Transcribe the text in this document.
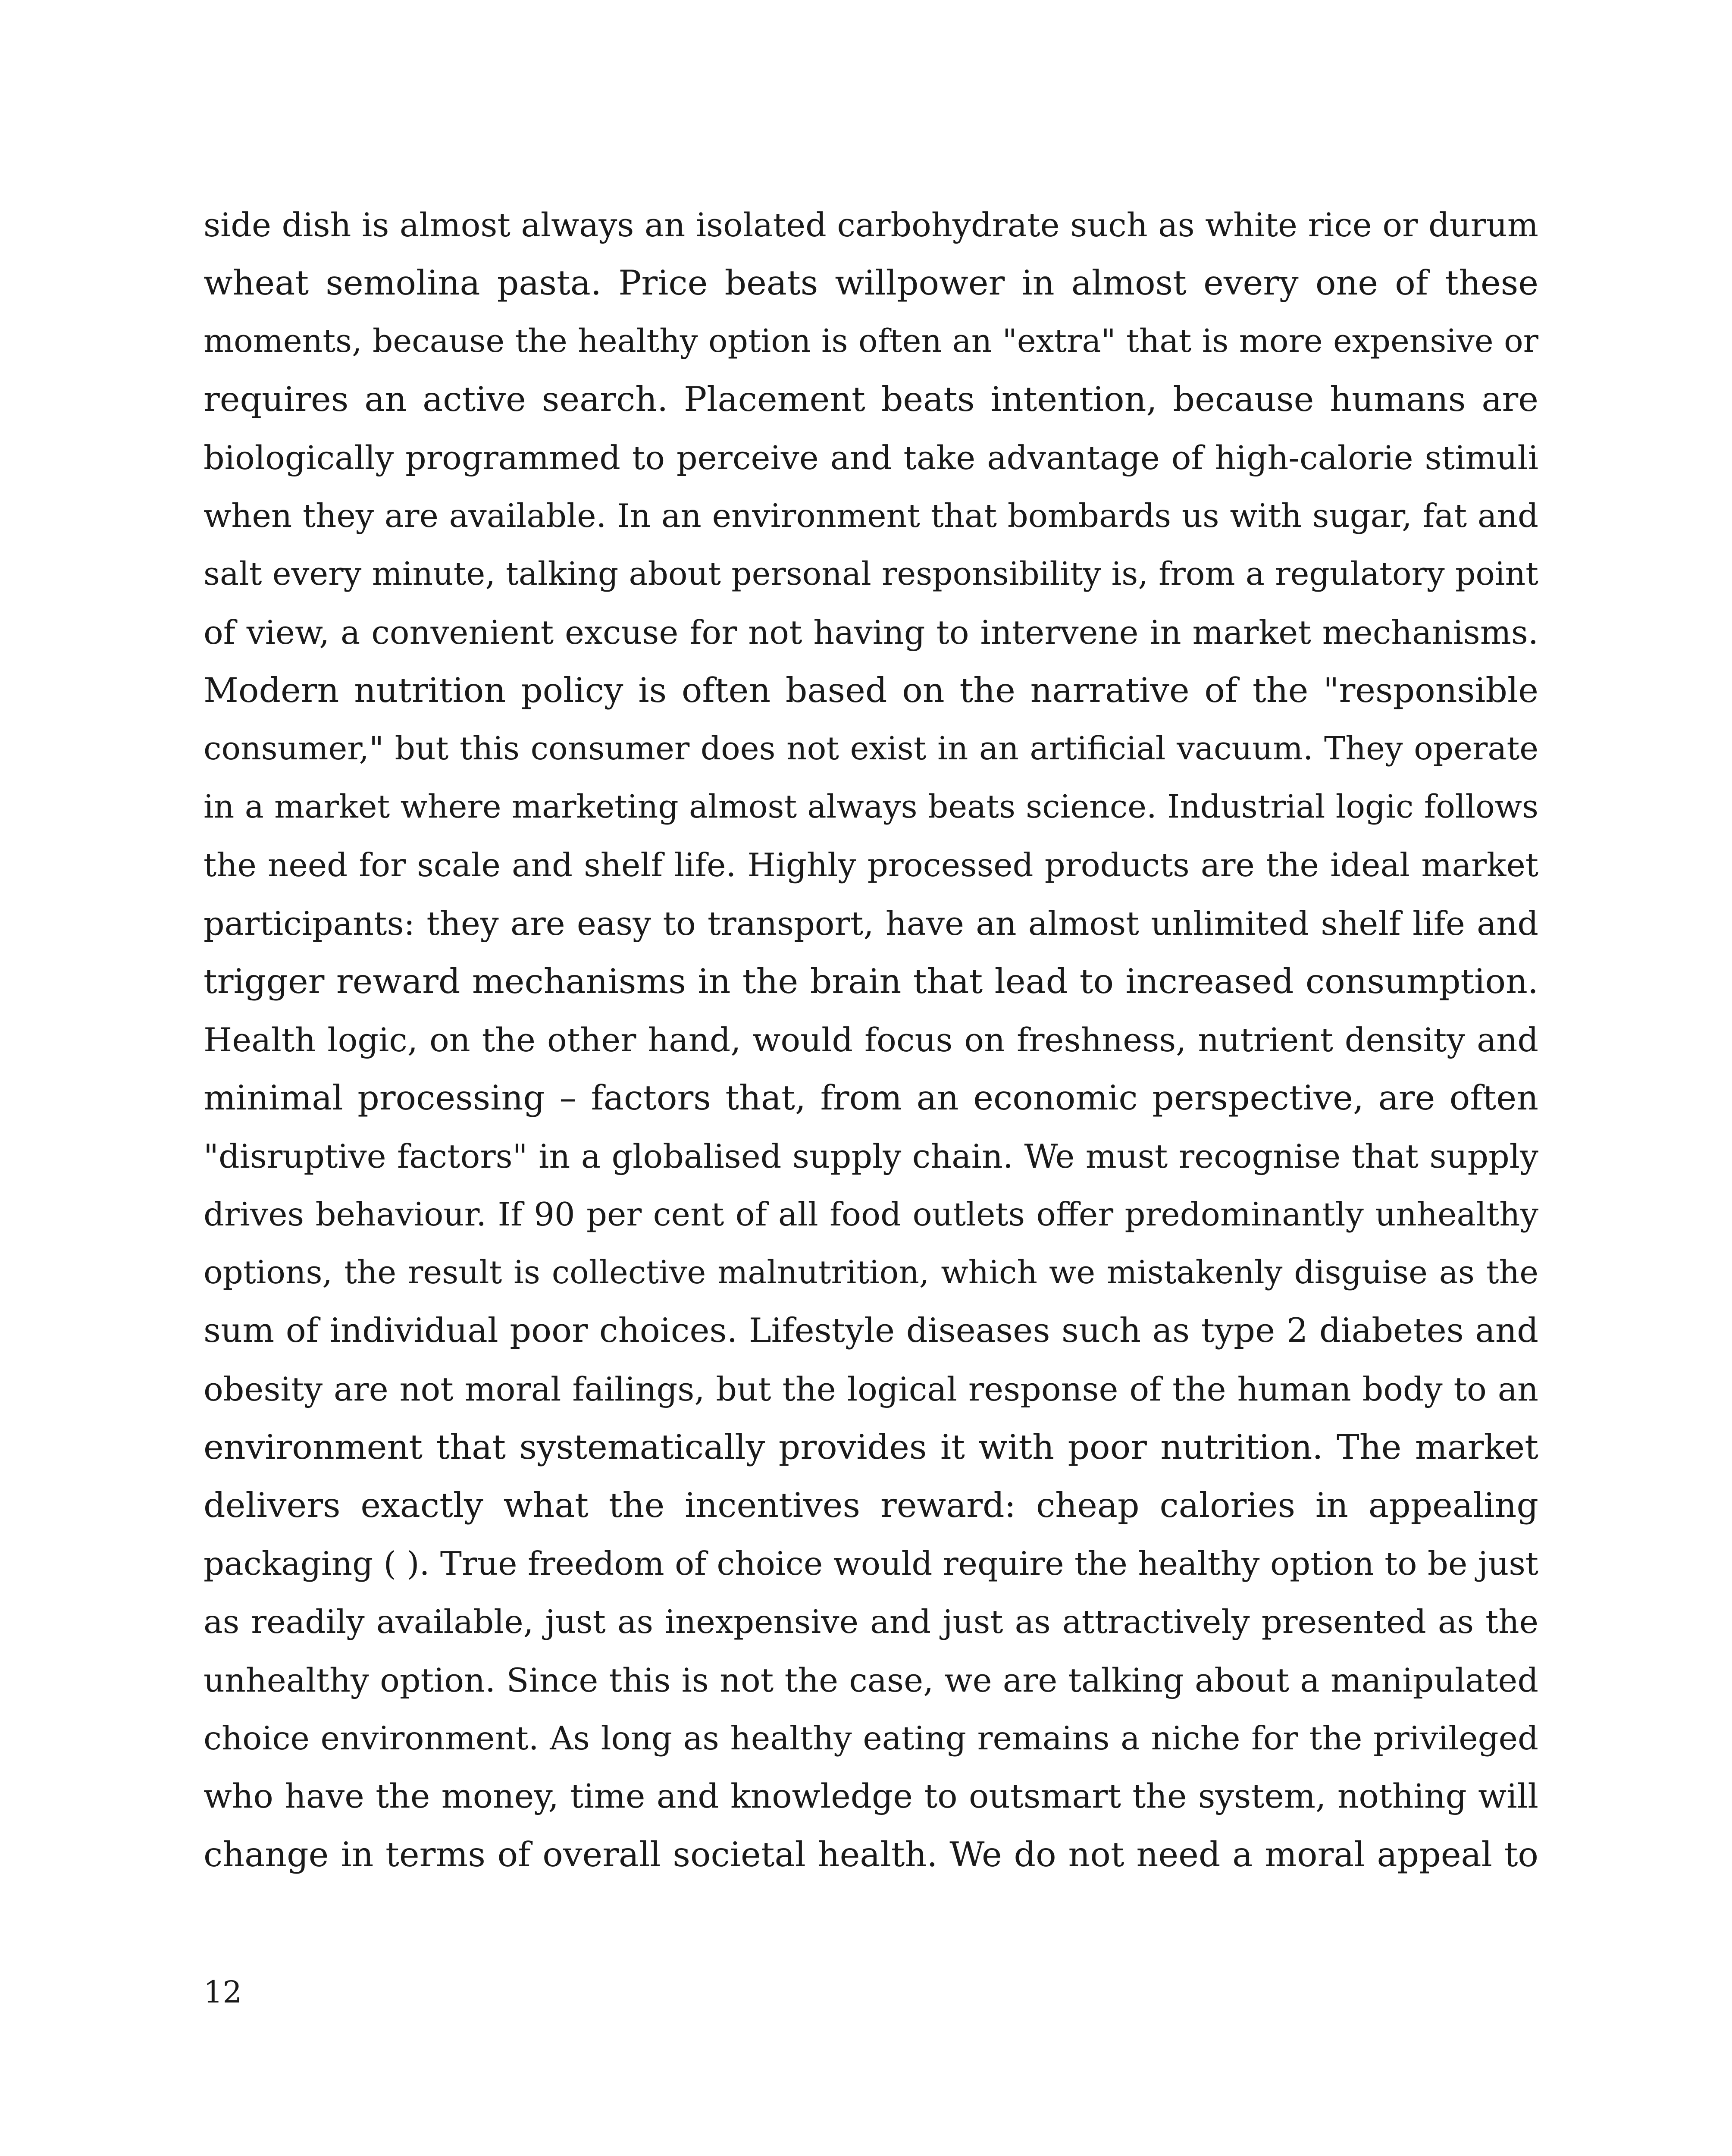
side dish is almost always an isolated carbohydrate such as white rice or durum
wheat semolina pasta. Price beats willpower in almost every one of these
moments, because the healthy option is often an "extra" that is more expensive or
requires an active search. Placement beats intention, because humans are
biologically programmed to perceive and take advantage of high-calorie stimuli
when they are available. In an environment that bombards us with sugar, fat and
salt every minute, talking about personal responsibility is, from a regulatory point
of view, a convenient excuse for not having to intervene in market mechanisms.
Modern nutrition policy is often based on the narrative of the "responsible
consumer," but this consumer does not exist in an artificial vacuum. They operate
in a market where marketing almost always beats science. Industrial logic follows
the need for scale and shelf life. Highly processed products are the ideal market
participants: they are easy to transport, have an almost unlimited shelf life and
trigger reward mechanisms in the brain that lead to increased consumption.
Health logic, on the other hand, would focus on freshness, nutrient density and
minimal processing – factors that, from an economic perspective, are often
"disruptive factors" in a globalised supply chain. We must recognise that supply
drives behaviour. If 90 per cent of all food outlets offer predominantly unhealthy
options, the result is collective malnutrition, which we mistakenly disguise as the
sum of individual poor choices. Lifestyle diseases such as type 2 diabetes and
obesity are not moral failings, but the logical response of the human body to an
environment that systematically provides it with poor nutrition. The market
delivers exactly what the incentives reward: cheap calories in appealing
packaging ( ). True freedom of choice would require the healthy option to be just
as readily available, just as inexpensive and just as attractively presented as the
unhealthy option. Since this is not the case, we are talking about a manipulated
choice environment. As long as healthy eating remains a niche for the privileged
who have the money, time and knowledge to outsmart the system, nothing will
change in terms of overall societal health. We do not need a moral appeal to

12
